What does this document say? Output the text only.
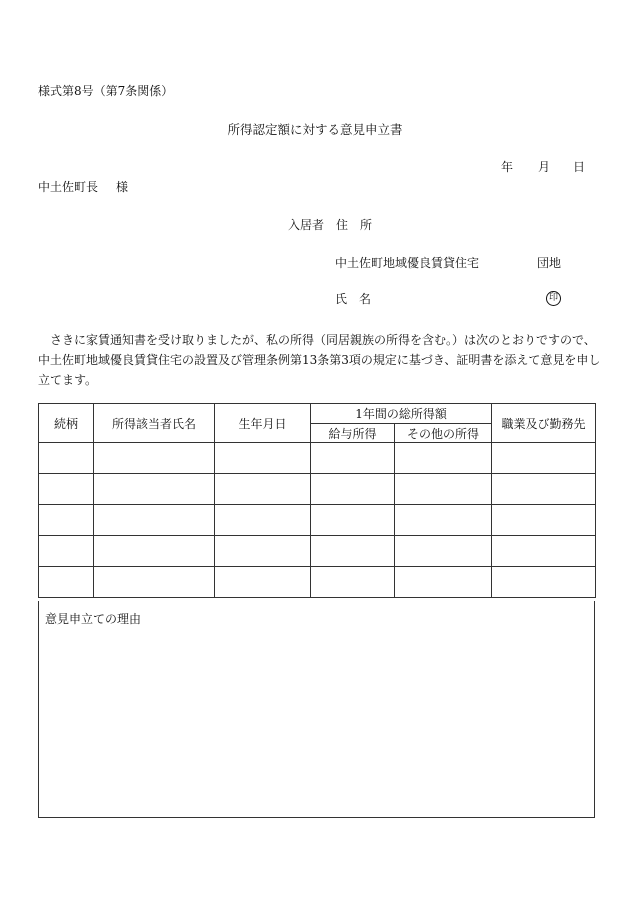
様式第8号（第7条関係）
所得認定額に対する意見申立書
年 月 日
中土佐町長 様
入居者 住　所
中土佐町地域優良賃貸住宅	団地
氏　名	印
　さきに家賃通知書を受け取りましたが、私の所得（同居親族の所得を含む。）は次のとおりですので、
中土佐町地域優良賃貸住宅の設置及び管理条例第13条第3項の規定に基づき、証明書を添えて意見を申し
立てます。
続柄	所得該当者氏名	生年月日	1年間の総所得額		職業及び勤務先
			給与所得	その他の所得	

意見申立ての理由
